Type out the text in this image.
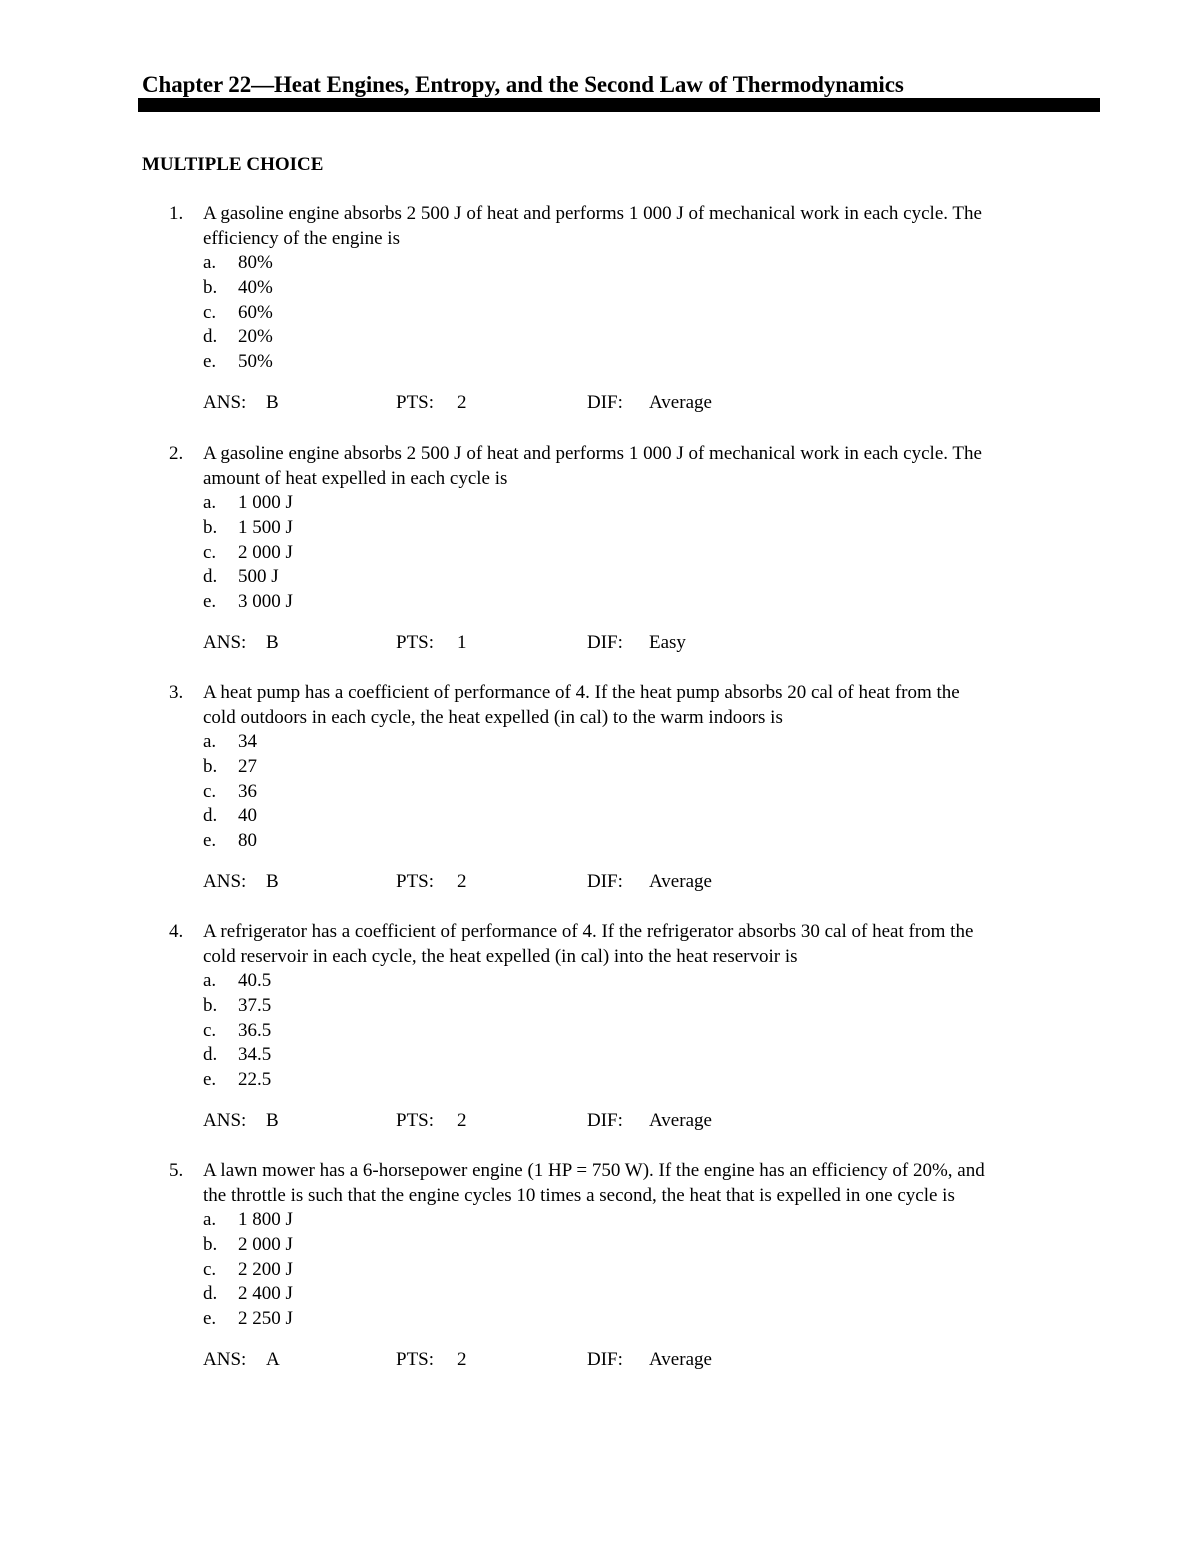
Chapter 22—Heat Engines, Entropy, and the Second Law of Thermodynamics
MULTIPLE CHOICE
1. A gasoline engine absorbs 2 500 J of heat and performs 1 000 J of mechanical work in each cycle. The
efficiency of the engine is
a. 80%
b. 40%
c. 60%
d. 20%
e. 50%
ANS: B	PTS: 2	DIF: Average
2. A gasoline engine absorbs 2 500 J of heat and performs 1 000 J of mechanical work in each cycle. The
amount of heat expelled in each cycle is
a. 1 000 J
b. 1 500 J
c. 2 000 J
d. 500 J
e. 3 000 J
ANS: B	PTS: 1	DIF: Easy
3. A heat pump has a coefficient of performance of 4. If the heat pump absorbs 20 cal of heat from the
cold outdoors in each cycle, the heat expelled (in cal) to the warm indoors is
a. 34
b. 27
c. 36
d. 40
e. 80
ANS: B	PTS: 2	DIF: Average
4. A refrigerator has a coefficient of performance of 4. If the refrigerator absorbs 30 cal of heat from the
cold reservoir in each cycle, the heat expelled (in cal) into the heat reservoir is
a. 40.5
b. 37.5
c. 36.5
d. 34.5
e. 22.5
ANS: B	PTS: 2	DIF: Average
5. A lawn mower has a 6-horsepower engine (1 HP = 750 W). If the engine has an efficiency of 20%, and
the throttle is such that the engine cycles 10 times a second, the heat that is expelled in one cycle is
a. 1 800 J
b. 2 000 J
c. 2 200 J
d. 2 400 J
e. 2 250 J
ANS: A	PTS: 2	DIF: Average
